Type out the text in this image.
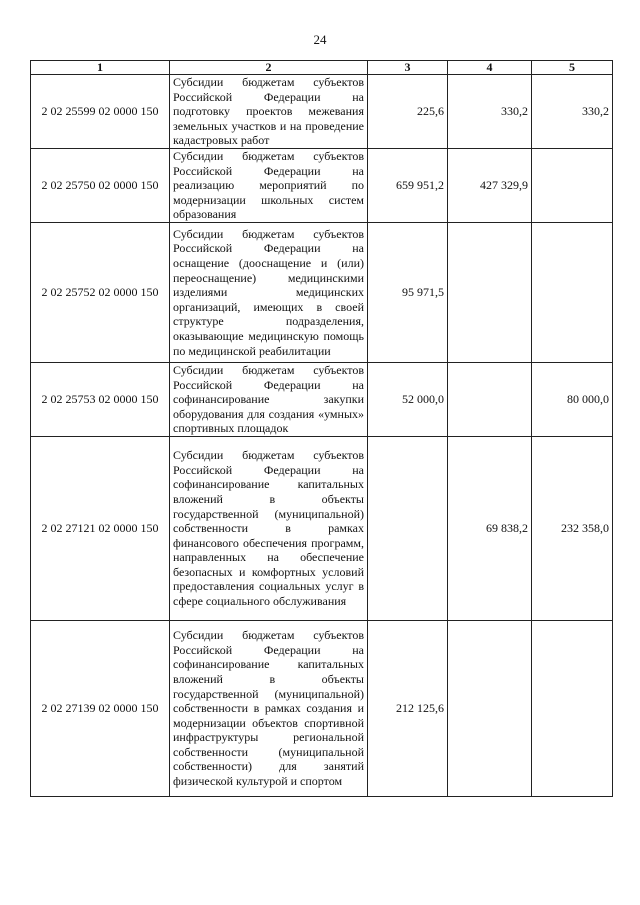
24
1	2	3	4	5
2 02 25599 02 0000 150	Субсидии бюджетам субъектов Российской Федерации на подготовку проектов межевания земельных участков и на проведение кадастровых работ	225,6	330,2	330,2
2 02 25750 02 0000 150	Субсидии бюджетам субъектов Российской Федерации на реализацию мероприятий по модернизации школьных систем образования	659 951,2	427 329,9	
2 02 25752 02 0000 150	Субсидии бюджетам субъектов Российской Федерации на оснащение (дооснащение и (или) переоснащение) медицинскими изделиями медицинских организаций, имеющих в своей структуре подразделения, оказывающие медицинскую помощь по медицинской реабилитации	95 971,5		
2 02 25753 02 0000 150	Субсидии бюджетам субъектов Российской Федерации на софинансирование закупки оборудования для создания «умных» спортивных площадок	52 000,0		80 000,0
2 02 27121 02 0000 150	Субсидии бюджетам субъектов Российской Федерации на софинансирование капитальных вложений в объекты государственной (муниципальной) собственности в рамках финансового обеспечения программ, направленных на обеспечение безопасных и комфортных условий предоставления социальных услуг в сфере социального обслуживания		69 838,2	232 358,0
2 02 27139 02 0000 150	Субсидии бюджетам субъектов Российской Федерации на софинансирование капитальных вложений в объекты государственной (муниципальной) собственности в рамках создания и модернизации объектов спортивной инфраструктуры региональной собственности (муниципальной собственности) для занятий физической культурой и спортом	212 125,6		
